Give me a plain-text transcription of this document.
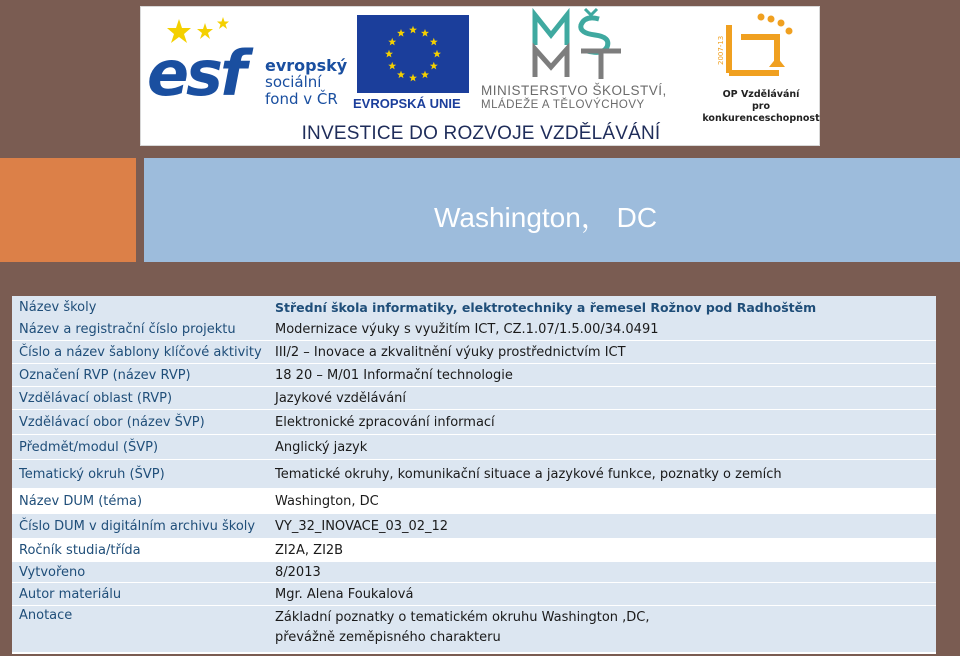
esf evropský
sociální
fond v ČR	EVROPSKÁ UNIE
MINISTERSTVO ŠKOLSTVÍ,
MLÁDEŽE A TĚLOVÝCHOVY
2007-13
OP Vzdělávání
pro konkurenceschopnost
INVESTICE DO ROZVOJE VZDĚLÁVÁNÍ
Washington， DC
Název školy	Střední škola informatiky, elektrotechniky a řemesel Rožnov pod Radhoštěm
Název a registrační číslo projektu	Modernizace výuky s využitím ICT, CZ.1.07/1.5.00/34.0491
Číslo a název šablony klíčové aktivity	III/2 – Inovace a zkvalitnění výuky prostřednictvím ICT
Označení RVP (název RVP)	18 20 – M/01 Informační technologie
Vzdělávací oblast (RVP)	Jazykové vzdělávání
Vzdělávací obor (název ŠVP)	Elektronické zpracování informací
Předmět/modul (ŠVP)	Anglický jazyk
Tematický okruh (ŠVP)	Tematické okruhy, komunikační situace a jazykové funkce, poznatky o zemích
Název DUM (téma)	Washington, DC
Číslo DUM v digitálním archivu školy	VY_32_INOVACE_03_02_12
Ročník studia/třída	ZI2A, ZI2B
Vytvořeno	8/2013
Autor materiálu	Mgr. Alena Foukalová
Anotace	Základní poznatky o tematickém okruhu Washington ,DC,
převážně zeměpisného charakteru
